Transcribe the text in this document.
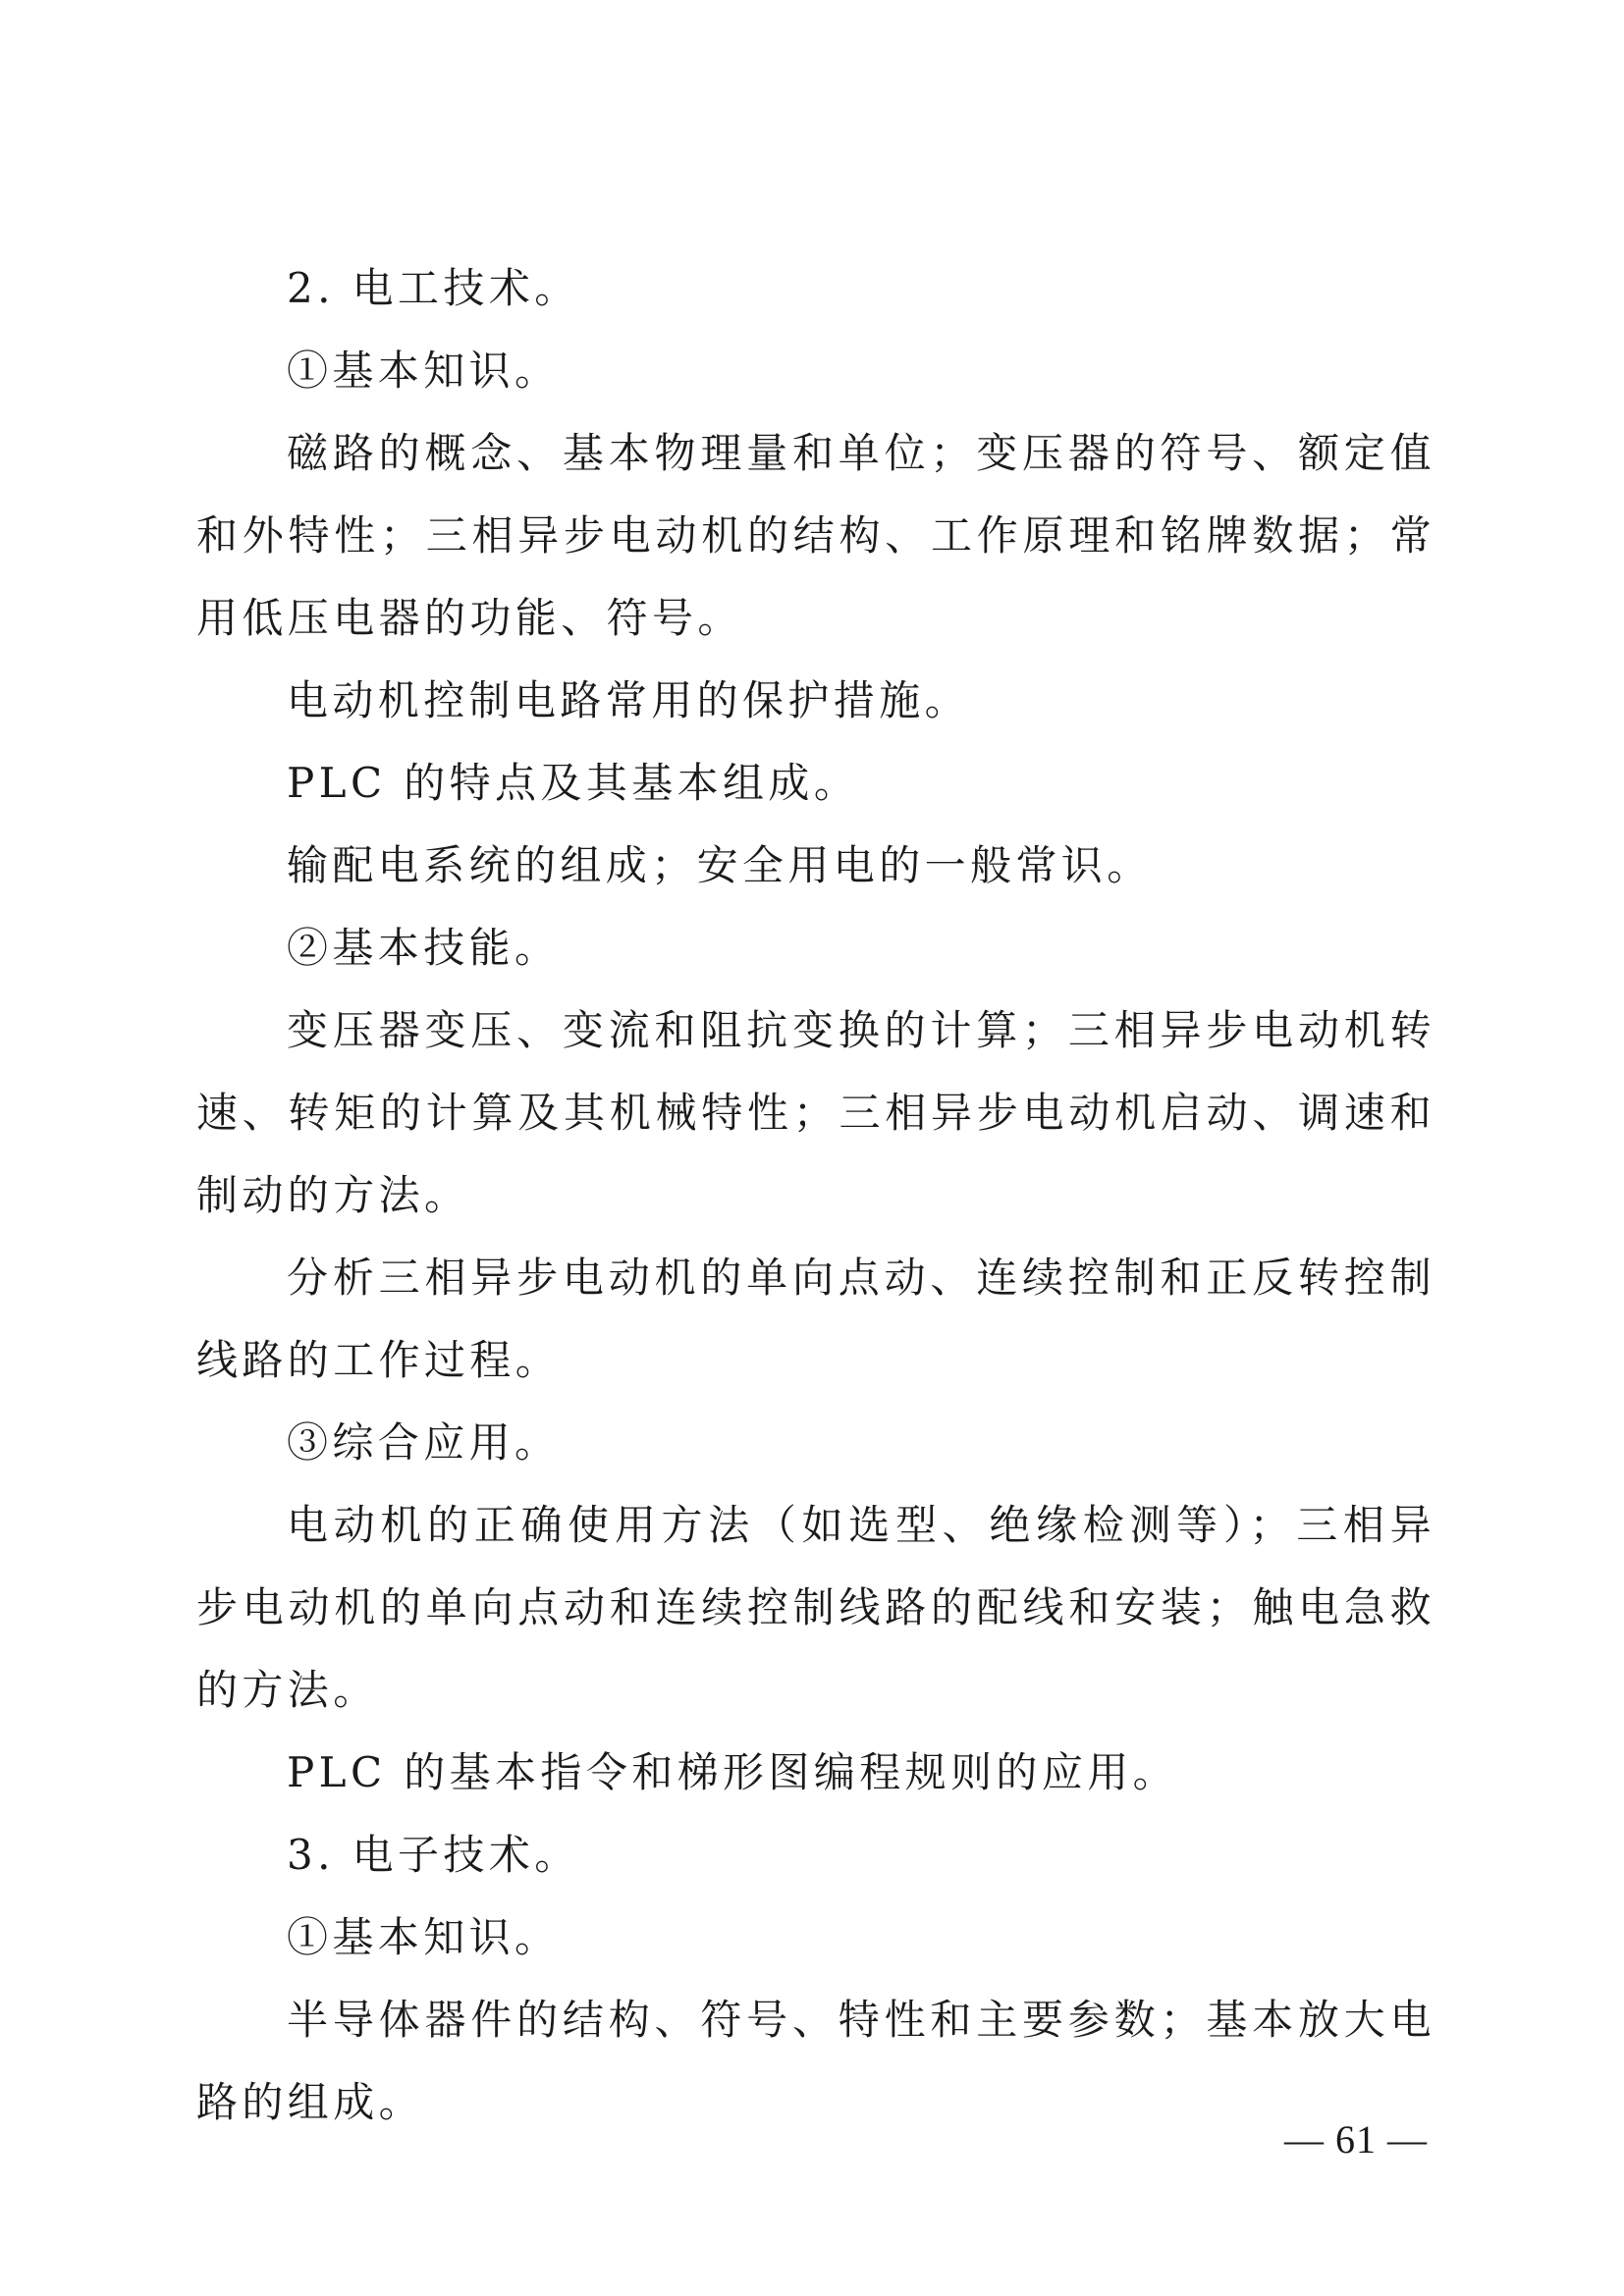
2. 电工技术。

①基本知识。

磁路的概念、基本物理量和单位；变压器的符号、额定值和外特性；三相异步电动机的结构、工作原理和铭牌数据；常用低压电器的功能、符号。

电动机控制电路常用的保护措施。

PLC 的特点及其基本组成。

输配电系统的组成；安全用电的一般常识。

②基本技能。

变压器变压、变流和阻抗变换的计算；三相异步电动机转速、转矩的计算及其机械特性；三相异步电动机启动、调速和制动的方法。

分析三相异步电动机的单向点动、连续控制和正反转控制线路的工作过程。

③综合应用。

电动机的正确使用方法（如选型、绝缘检测等）；三相异步电动机的单向点动和连续控制线路的配线和安装；触电急救的方法。

PLC 的基本指令和梯形图编程规则的应用。

3. 电子技术。

①基本知识。

半导体器件的结构、符号、特性和主要参数；基本放大电路的组成。

— 61 —
